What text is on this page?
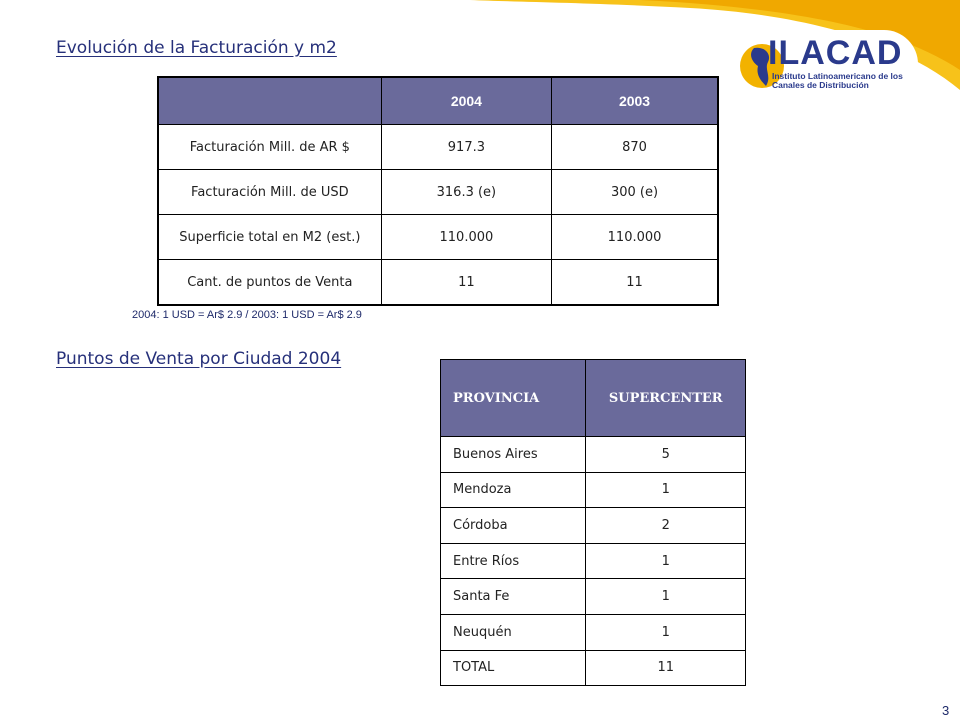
ILACAD
Instituto Latinoamericano de los Canales de Distribución
Evolución de la Facturación y m2
	2004	2003
Facturación Mill. de AR $	917.3	870
Facturación Mill. de USD	316.3 (e)	300 (e)
Superficie total en M2 (est.)	110.000	110.000
Cant. de puntos de Venta	11	11
2004: 1 USD = Ar$ 2.9 / 2003: 1 USD = Ar$ 2.9
Puntos de Venta por Ciudad 2004
PROVINCIA	SUPERCENTER
Buenos Aires	5
Mendoza	1
Córdoba	2
Entre Ríos	1
Santa Fe	1
Neuquén	1
TOTAL	11
3
